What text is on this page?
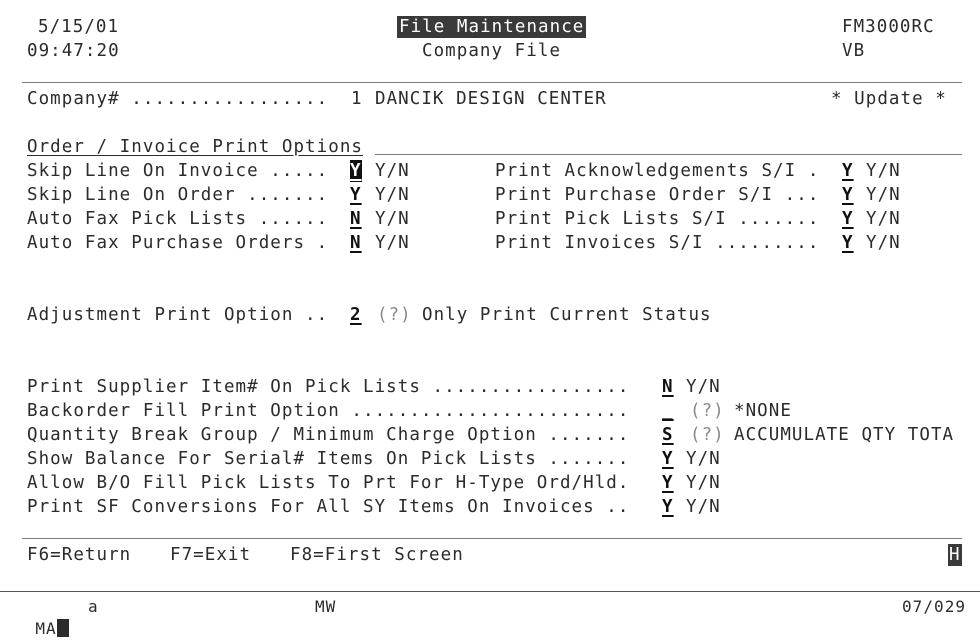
5/15/01
09:47:20
File Maintenance
Company File
FM3000RC
VB
Company# ................. 1 DANCIK DESIGN CENTER	* Update *
Order / Invoice Print Options
Skip Line On Invoice ..... Y Y/N
Skip Line On Order ....... Y Y/N
Auto Fax Pick Lists ...... N Y/N
Auto Fax Purchase Orders . N Y/N
Print Acknowledgements S/I . Y Y/N
Print Purchase Order S/I ... Y Y/N
Print Pick Lists S/I ....... Y Y/N
Print Invoices S/I ......... Y Y/N
Adjustment Print Option .. 2 (?) Only Print Current Status
Print Supplier Item# On Pick Lists ................. N Y/N
Backorder Fill Print Option ........................ _ (?) *NONE
Quantity Break Group / Minimum Charge Option ....... S (?) ACCUMULATE QTY TOTA
Show Balance For Serial# Items On Pick Lists ....... Y Y/N
Allow B/O Fill Pick Lists To Prt For H-Type Ord/Hld. Y Y/N
Print SF Conversions For All SY Items On Invoices .. Y Y/N
F6=Return F7=Exit F8=First Screen	H

MA

a	MW	07/029
